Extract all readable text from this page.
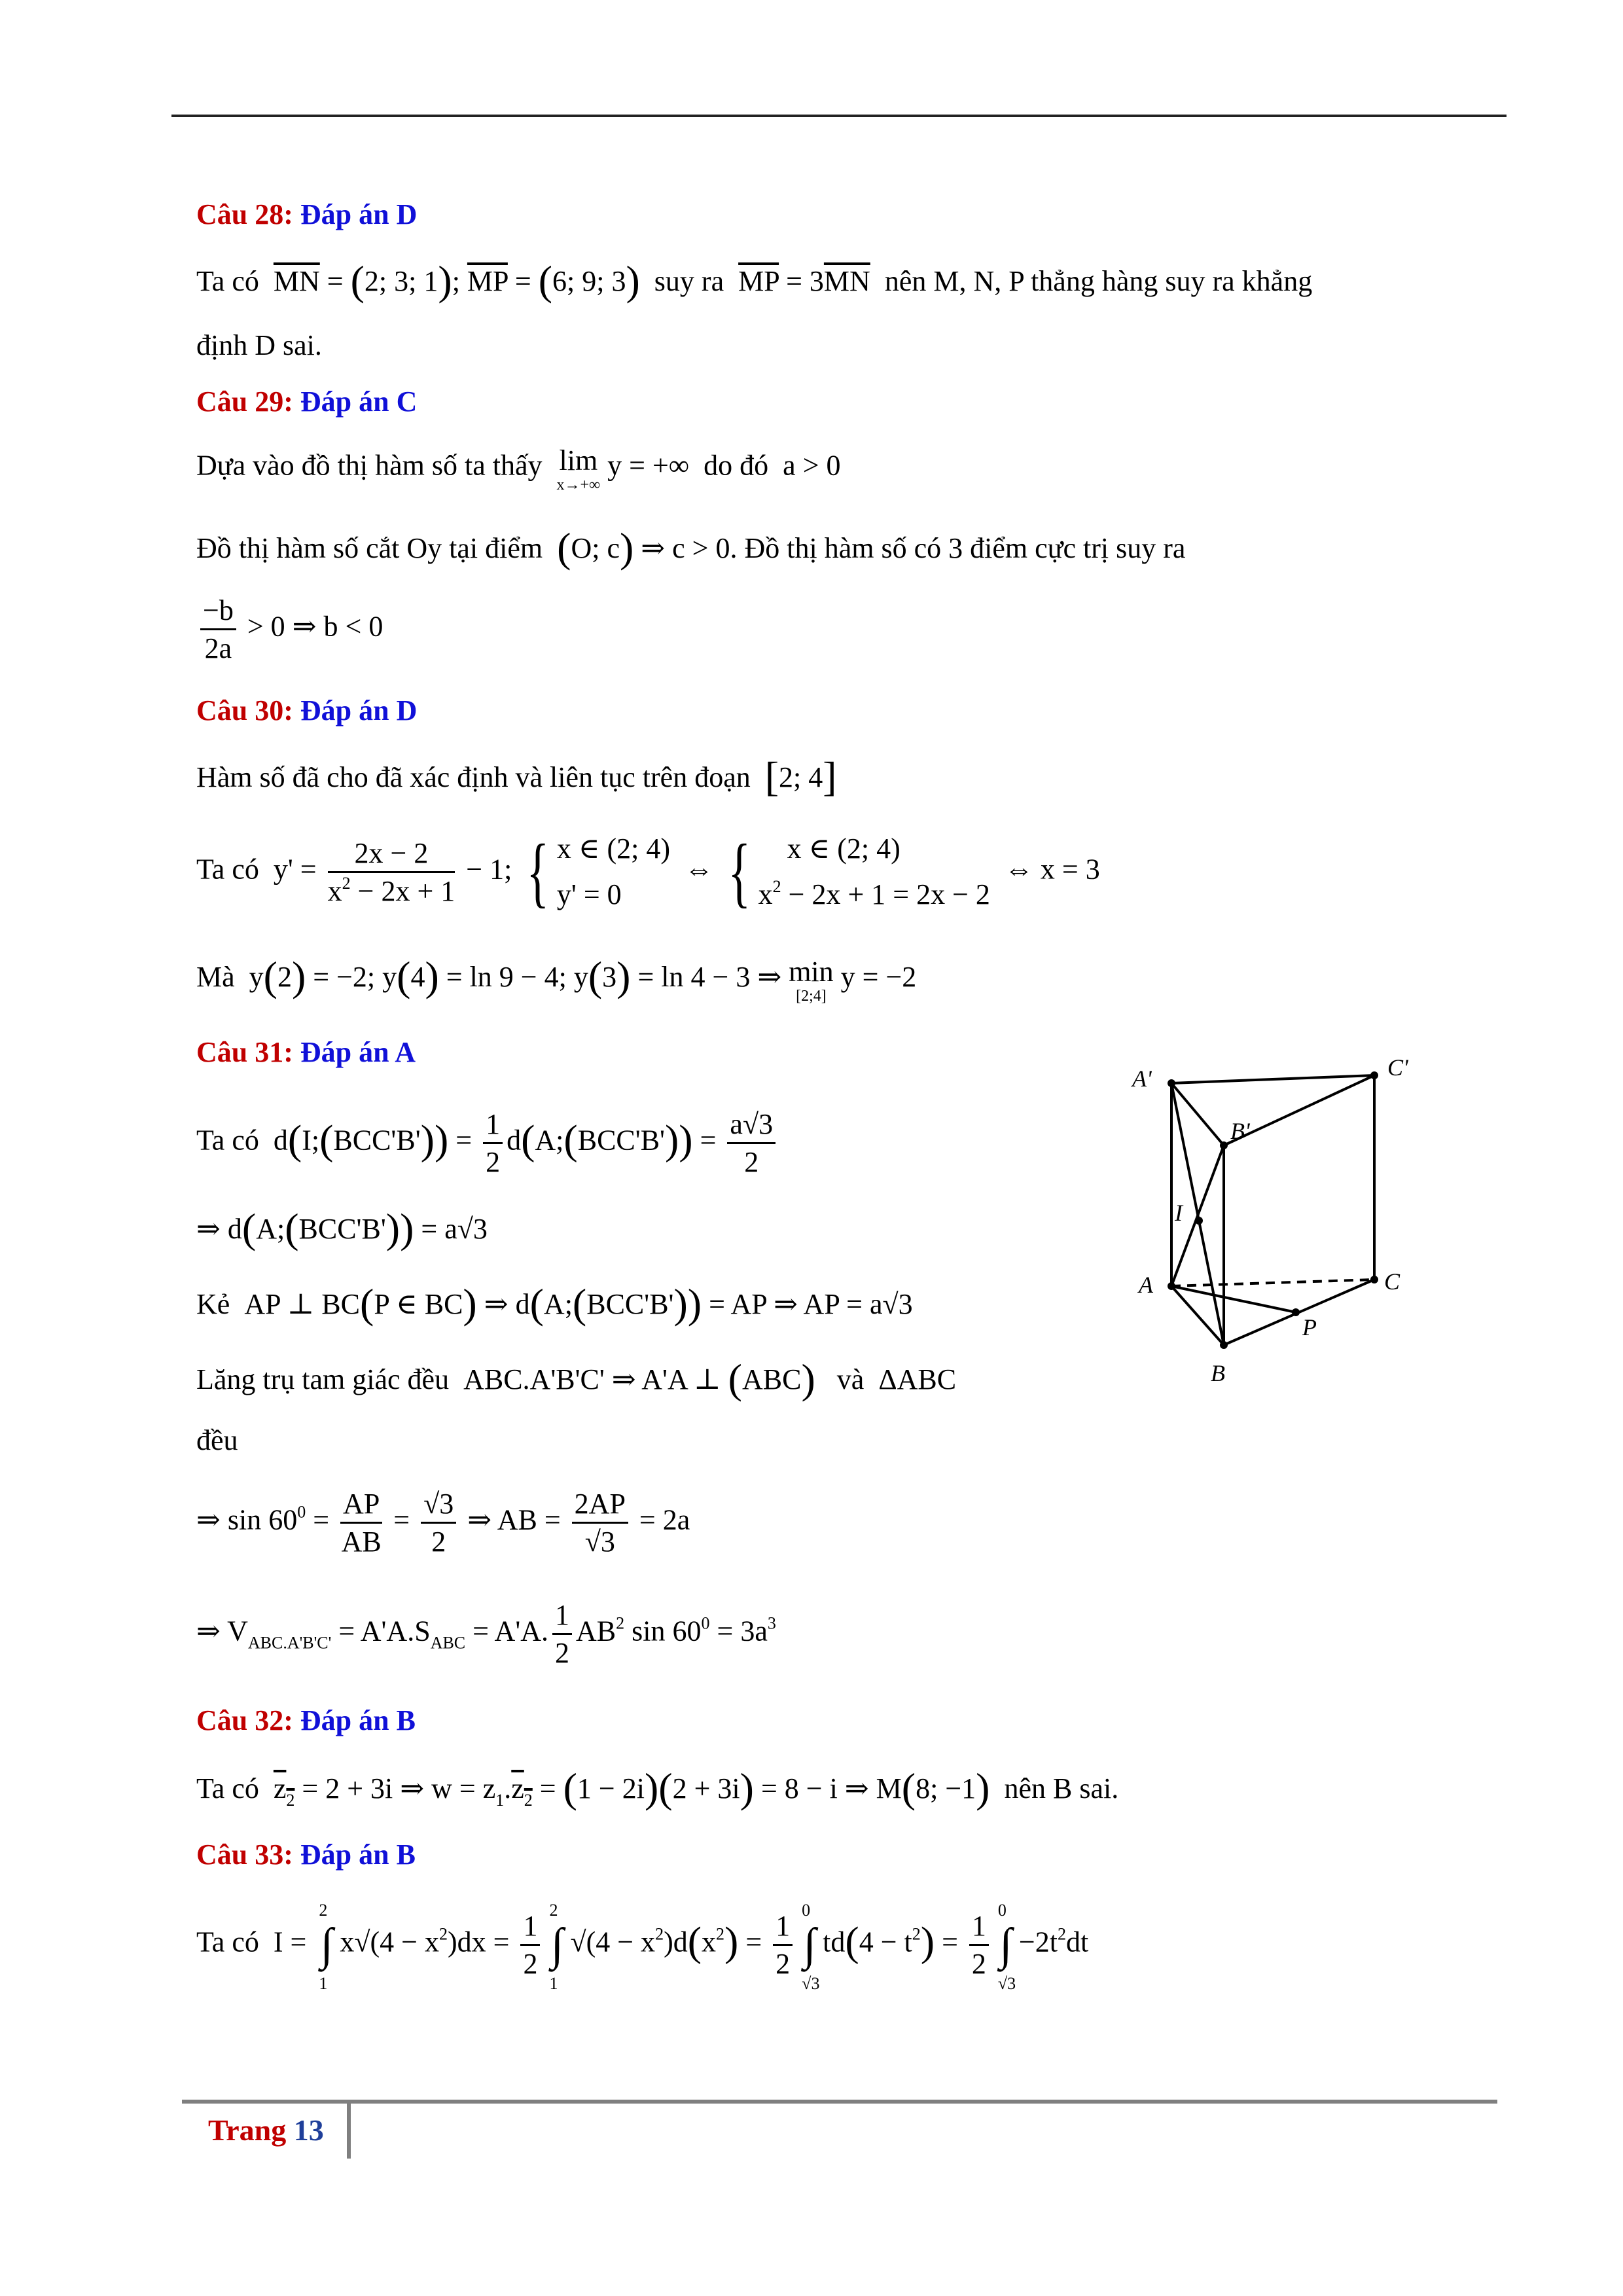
Câu 28: Đáp án D
Ta có $\overline{MN} = (2$; 3; 1); $\overline{MP} = (6$; 9; 3) suy ra $\overline{MP} = 3\overline{MN}$ nên M, N, P thẳng hàng suy ra khẳng
định D sai.
Câu 29: Đáp án C
Dựa vào đồ thị hàm số ta thấy lim
x→+∞
y = +∞  do đó  a > 0
Đồ thị hàm số cắt Oy tại điểm (O; c) ⇒ c > 0. Đồ thị hàm số có 3 điểm cực trị suy ra
$\frac{-b}{2a} > 0$ ⇒ b < 0
Câu 30: Đáp án D
Hàm số đã cho đã xác định và liên tục trên đoạn [2; 4]
Ta có  $y' = \frac{2x - 2}{x^2 - 2x + 1} - 1$; { x ∈ (2; 4)
y' = 0  ⇔ {    x ∈ (2; 4)
$x^2 - 2x + 1 = 2x - 2$  ⇔ x = 3
Mà  y(2) = −2; y(4) = ln 9 − 4; y(3) = ln 4 − 3 ⇒ min
[2;4]
y = −2
Câu 31: Đáp án A
Ta có  d(I;(BCC'B')) = $\frac{1}{2}$ d(A;(BCC'B')) = $\frac{a√3}{2}$
⇒ d(A;(BCC'B')) = a√3
Kẻ  AP ⊥ BC(P ∈ BC) ⇒ d(A;(BCC'B')) = AP ⇒ AP = a√3
Lăng trụ tam giác đều  ABC.A'B'C' ⇒ A'A ⊥ (ABC) và  ΔABC
đều
⇒ $\sin 60^0 = \frac{AP}{AB} = \frac{√3}{2}$ ⇒ AB = $\frac{2AP}{√3} = 2a$
⇒ $V_{ABC.A'B'C'} = A'A.S_{ABC} = A'A$. $\frac{1}{2} AB^2$ $\sin 60^0 = 3a^3$
A'	C'
B'
I
A	C
P
B
Câu 32: Đáp án B
Ta có $z_2 = 2 + 3i$ ⇒ $w = z_1.z_2 = (1 - 2i)(2 + 3i) = 8 - i$ ⇒ M(8; −1) nên B sai.
Câu 33: Đáp án B
Ta có  I = ∫
2
1
$x√(4 - x^2)dx = \frac{1}{2}$ ∫
2
1
$√(4 - x^2)d(x^2) = \frac{1}{2}$ ∫
0
√3
$td(4 - t^2) = \frac{1}{2}$ ∫
0
√3
$-2t^2dt$
Trang 13
